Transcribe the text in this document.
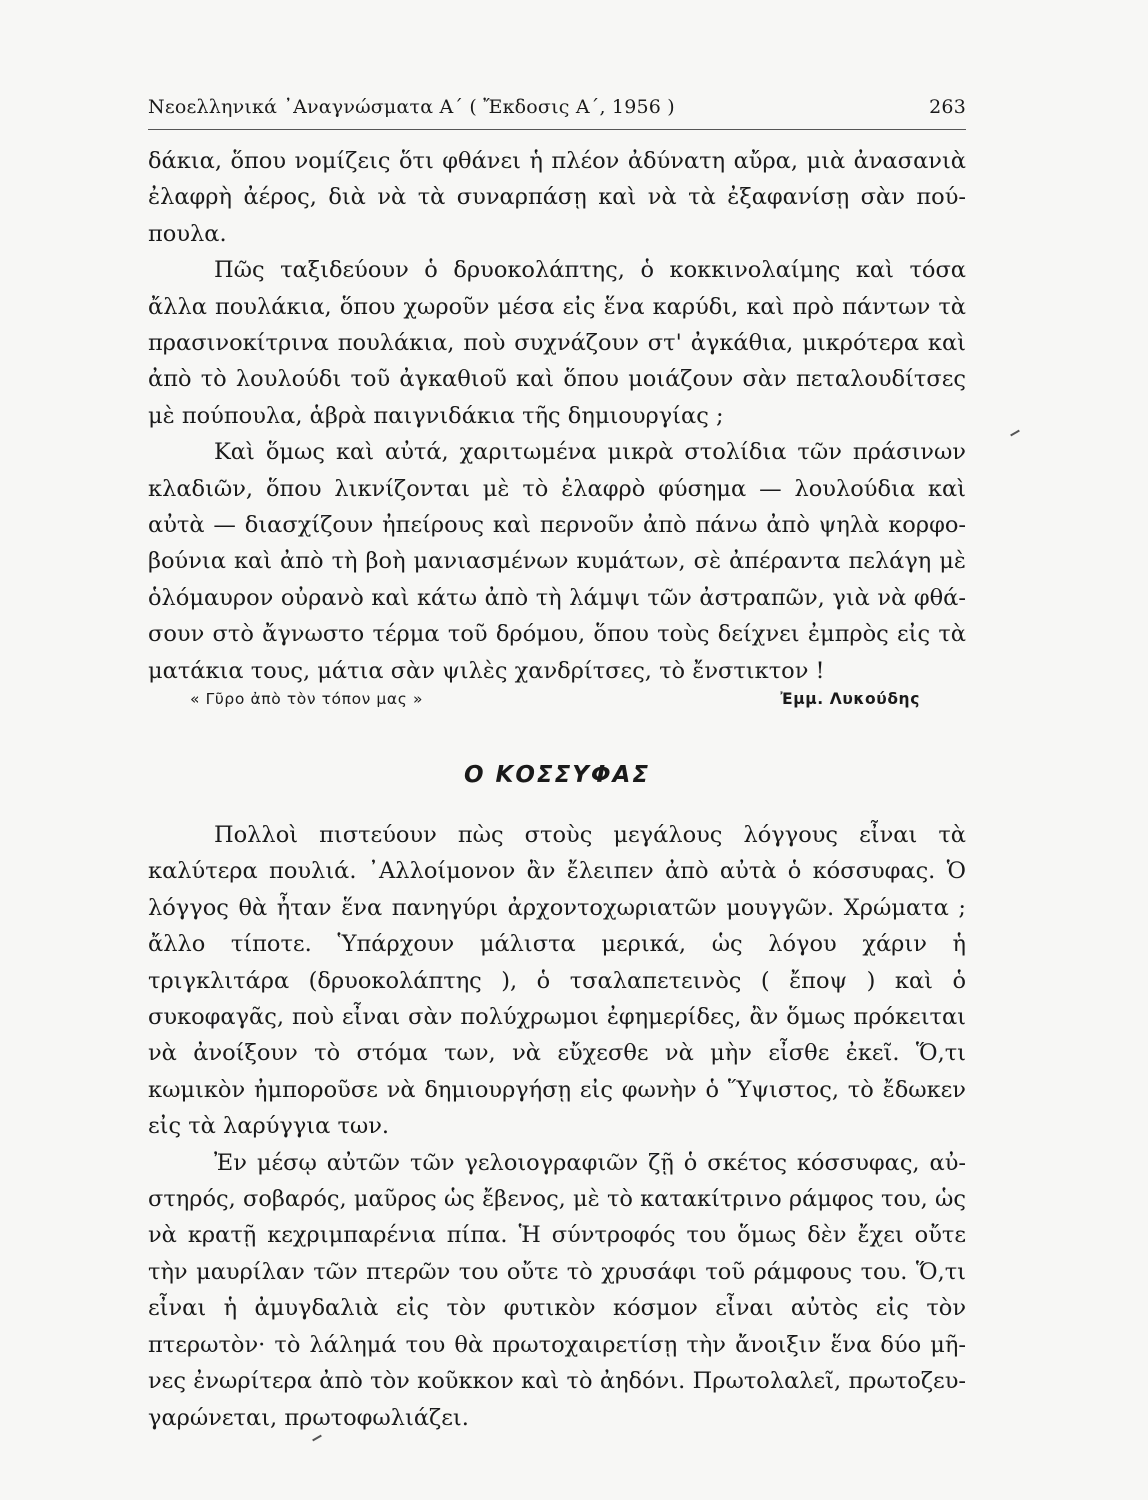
Νεοελληνικά ᾿Αναγνώσματα Α΄ ( Ἔκδοσις Α΄, 1956 )	263

δάκια, ὅπου νομίζεις ὅτι φθάνει ἡ πλέον ἀδύνατη αὔρα, μιὰ ἀνασανιὰ ἐλαφρὴ ἀέρος, διὰ νὰ τὰ συναρπάσῃ καὶ νὰ τὰ ἐξαφανίσῃ σὰν πούπουλα.

Πῶς ταξιδεύουν ὁ δρυοκολάπτης, ὁ κοκκινολαίμης καὶ τόσα ἄλλα πουλάκια, ὅπου χωροῦν μέσα εἰς ἕνα καρύδι, καὶ πρὸ πάντων τὰ πρασινοκίτρινα πουλάκια, ποὺ συχνάζουν στ' ἀγκάθια, μικρότερα καὶ ἀπὸ τὸ λουλούδι τοῦ ἀγκαθιοῦ καὶ ὅπου μοιάζουν σὰν πεταλουδίτσες μὲ πούπουλα, ἁβρὰ παιγνιδάκια τῆς δημιουργίας ;

Καὶ ὅμως καὶ αὐτά, χαριτωμένα μικρὰ στολίδια τῶν πράσινων κλαδιῶν, ὅπου λικνίζονται μὲ τὸ ἐλαφρὸ φύσημα — λουλούδια καὶ αὐτὰ — διασχίζουν ἠπείρους καὶ περνοῦν ἀπὸ πάνω ἀπὸ ψηλὰ κορφοβούνια καὶ ἀπὸ τὴ βοὴ μανιασμένων κυμάτων, σὲ ἀπέραντα πελάγη μὲ ὁλόμαυρον οὐρανὸ καὶ κάτω ἀπὸ τὴ λάμψι τῶν ἀστραπῶν, γιὰ νὰ φθάσουν στὸ ἄγνωστο τέρμα τοῦ δρόμου, ὅπου τοὺς δείχνει ἐμπρὸς εἰς τὰ ματάκια τους, μάτια σὰν ψιλὲς χανδρίτσες, τὸ ἔνστικτον !

« Γῦρο ἀπὸ τὸν τόπον μας »	Ἐμμ. Λυκούδης
Ο ΚΟΣΣΥΦΑΣ

Πολλοὶ πιστεύουν πὼς στοὺς μεγάλους λόγγους εἶναι τὰ καλύτερα πουλιά. ᾿Αλλοίμονον ἂν ἔλειπεν ἀπὸ αὐτὰ ὁ κόσσυφας. Ὁ λόγγος θὰ ἦταν ἕνα πανηγύρι ἀρχοντοχωριατῶν μουγγῶν. Χρώματα ; ἄλλο τίποτε. Ὑπάρχουν μάλιστα μερικά, ὡς λόγου χάριν ἡ τριγκλιτάρα (δρυοκολάπτης ), ὁ τσαλαπετεινὸς ( ἔποψ ) καὶ ὁ συκοφαγᾶς, ποὺ εἶναι σὰν πολύχρωμοι ἐφημερίδες, ἂν ὅμως πρόκειται νὰ ἀνοίξουν τὸ στόμα των, νὰ εὔχεσθε νὰ μὴν εἶσθε ἐκεῖ. Ὅ,τι κωμικὸν ἠμποροῦσε νὰ δημιουργήσῃ εἰς φωνὴν ὁ Ὕψιστος, τὸ ἔδωκεν εἰς τὰ λαρύγγια των.

Ἐν μέσῳ αὐτῶν τῶν γελοιογραφιῶν ζῇ ὁ σκέτος κόσσυφας, αὐστηρός, σοβαρός, μαῦρος ὡς ἔβενος, μὲ τὸ κατακίτρινο ράμφος του, ὡς νὰ κρατῇ κεχριμπαρένια πίπα. Ἡ σύντροφός του ὅμως δὲν ἔχει οὔτε τὴν μαυρίλαν τῶν πτερῶν του οὔτε τὸ χρυσάφι τοῦ ράμφους του. Ὅ,τι εἶναι ἡ ἀμυγδαλιὰ εἰς τὸν φυτικὸν κόσμον εἶναι αὐτὸς εἰς τὸν πτερωτὸν· τὸ λάλημά του θὰ πρωτοχαιρετίσῃ τὴν ἄνοιξιν ἕνα δύο μῆνες ἐνωρίτερα ἀπὸ τὸν κοῦκκον καὶ τὸ ἀηδόνι. Πρωτολαλεῖ, πρωτοζευγαρώνεται, πρωτοφωλιάζει.
